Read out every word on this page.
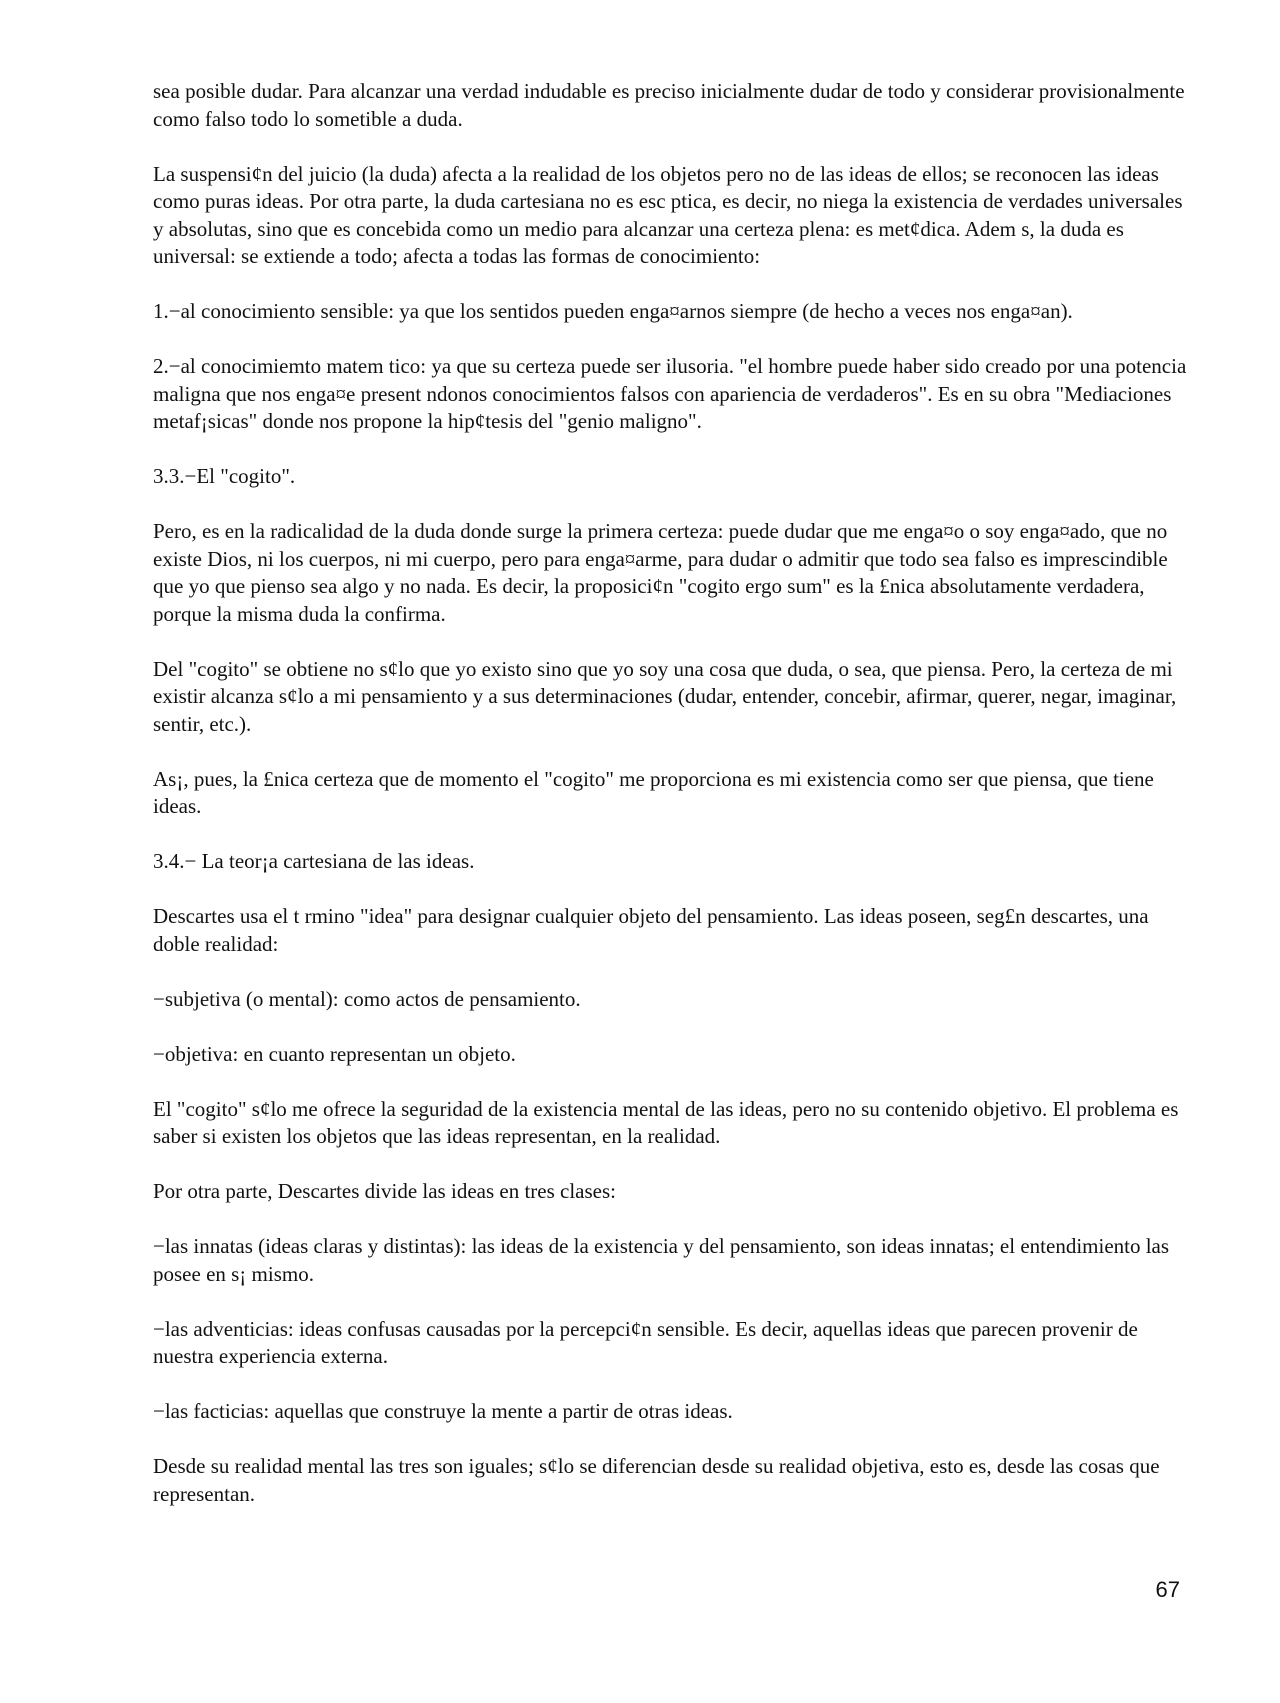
sea posible dudar. Para alcanzar una verdad indudable es preciso inicialmente dudar de todo y considerar provisionalmente como falso todo lo sometible a duda.

La suspensi¢n del juicio (la duda) afecta a la realidad de los objetos pero no de las ideas de ellos; se reconocen las ideas como puras ideas. Por otra parte, la duda cartesiana no es esc ptica, es decir, no niega la existencia de verdades universales y absolutas, sino que es concebida como un medio para alcanzar una certeza plena: es met¢dica. Adem s, la duda es universal: se extiende a todo; afecta a todas las formas de conocimiento:

1.−al conocimiento sensible: ya que los sentidos pueden enga¤arnos siempre (de hecho a veces nos enga¤an).

2.−al conocimiemto matem tico: ya que su certeza puede ser ilusoria. "el hombre puede haber sido creado por una potencia maligna que nos enga¤e present ndonos conocimientos falsos con apariencia de verdaderos". Es en su obra "Mediaciones metaf¡sicas" donde nos propone la hip¢tesis del "genio maligno".

3.3.−El "cogito".

Pero, es en la radicalidad de la duda donde surge la primera certeza: puede dudar que me enga¤o o soy enga¤ado, que no existe Dios, ni los cuerpos, ni mi cuerpo, pero para enga¤arme, para dudar o admitir que todo sea falso es imprescindible que yo que pienso sea algo y no nada. Es decir, la proposici¢n "cogito ergo sum" es la £nica absolutamente verdadera, porque la misma duda la confirma.

Del "cogito" se obtiene no s¢lo que yo existo sino que yo soy una cosa que duda, o sea, que piensa. Pero, la certeza de mi existir alcanza s¢lo a mi pensamiento y a sus determinaciones (dudar, entender, concebir, afirmar, querer, negar, imaginar, sentir, etc.).

As¡, pues, la £nica certeza que de momento el "cogito" me proporciona es mi existencia como ser que piensa, que tiene ideas.

3.4.− La teor¡a cartesiana de las ideas.

Descartes usa el t rmino "idea" para designar cualquier objeto del pensamiento. Las ideas poseen, seg£n descartes, una doble realidad:

−subjetiva (o mental): como actos de pensamiento.

−objetiva: en cuanto representan un objeto.

El "cogito" s¢lo me ofrece la seguridad de la existencia mental de las ideas, pero no su contenido objetivo. El problema es saber si existen los objetos que las ideas representan, en la realidad.

Por otra parte, Descartes divide las ideas en tres clases:

−las innatas (ideas claras y distintas): las ideas de la existencia y del pensamiento, son ideas innatas; el entendimiento las posee en s¡ mismo.

−las adventicias: ideas confusas causadas por la percepci¢n sensible. Es decir, aquellas ideas que parecen provenir de nuestra experiencia externa.

−las facticias: aquellas que construye la mente a partir de otras ideas.

Desde su realidad mental las tres son iguales; s¢lo se diferencian desde su realidad objetiva, esto es, desde las cosas que representan.

67
